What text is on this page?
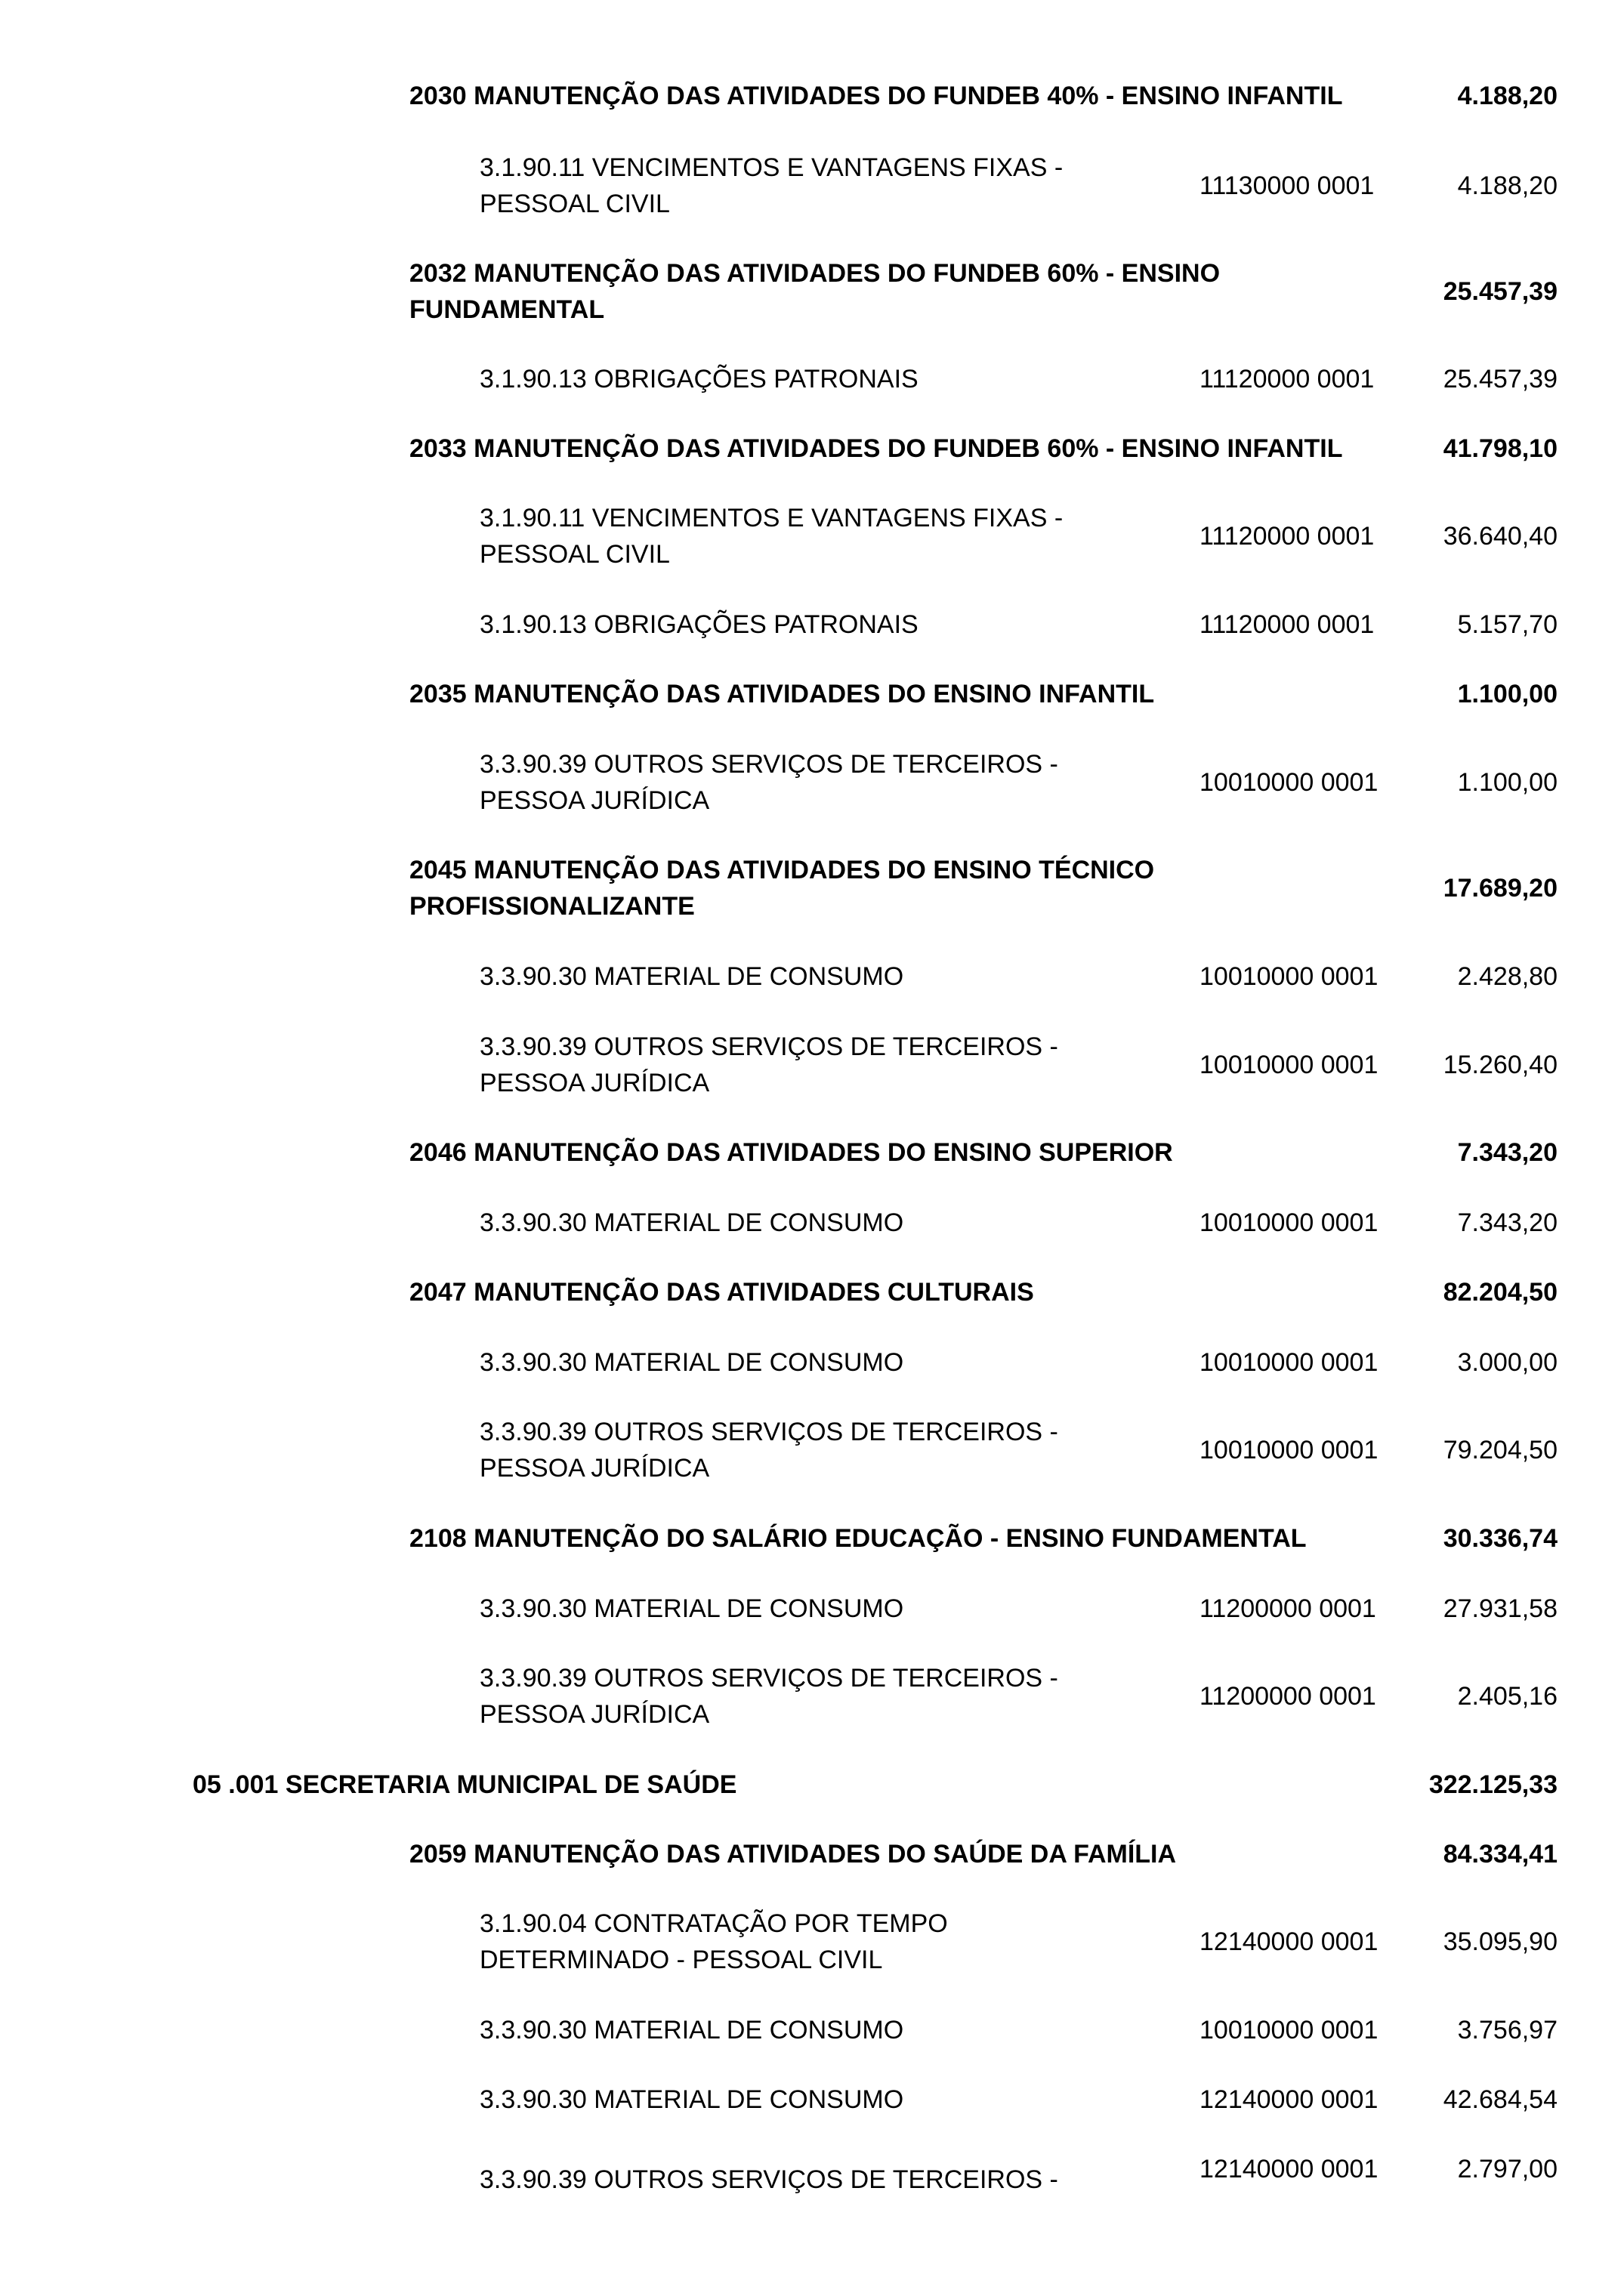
2030 MANUTENÇÃO DAS ATIVIDADES DO FUNDEB 40% - ENSINO INFANTIL	4.188,20
3.1.90.11 VENCIMENTOS E VANTAGENS FIXAS -
PESSOAL CIVIL
11130000 0001	4.188,20
2032 MANUTENÇÃO DAS ATIVIDADES DO FUNDEB 60% - ENSINO
FUNDAMENTAL
25.457,39
3.1.90.13 OBRIGAÇÕES PATRONAIS	11120000 0001	25.457,39
2033 MANUTENÇÃO DAS ATIVIDADES DO FUNDEB 60% - ENSINO INFANTIL	41.798,10
3.1.90.11 VENCIMENTOS E VANTAGENS FIXAS -
PESSOAL CIVIL
11120000 0001	36.640,40
3.1.90.13 OBRIGAÇÕES PATRONAIS	11120000 0001	5.157,70
2035 MANUTENÇÃO DAS ATIVIDADES DO ENSINO INFANTIL	1.100,00
3.3.90.39 OUTROS SERVIÇOS DE TERCEIROS -
PESSOA JURÍDICA
10010000 0001	1.100,00
2045 MANUTENÇÃO DAS ATIVIDADES DO ENSINO TÉCNICO
PROFISSIONALIZANTE
17.689,20
3.3.90.30 MATERIAL DE CONSUMO	10010000 0001	2.428,80
3.3.90.39 OUTROS SERVIÇOS DE TERCEIROS -
PESSOA JURÍDICA
10010000 0001	15.260,40
2046 MANUTENÇÃO DAS ATIVIDADES DO ENSINO SUPERIOR	7.343,20
3.3.90.30 MATERIAL DE CONSUMO	10010000 0001	7.343,20
2047 MANUTENÇÃO DAS ATIVIDADES CULTURAIS	82.204,50
3.3.90.30 MATERIAL DE CONSUMO	10010000 0001	3.000,00
3.3.90.39 OUTROS SERVIÇOS DE TERCEIROS -
PESSOA JURÍDICA
10010000 0001	79.204,50
2108 MANUTENÇÃO DO SALÁRIO EDUCAÇÃO - ENSINO FUNDAMENTAL	30.336,74
3.3.90.30 MATERIAL DE CONSUMO	11200000 0001	27.931,58
3.3.90.39 OUTROS SERVIÇOS DE TERCEIROS -
PESSOA JURÍDICA
11200000 0001	2.405,16
05 .001 SECRETARIA MUNICIPAL DE SAÚDE	322.125,33
2059 MANUTENÇÃO DAS ATIVIDADES DO SAÚDE DA FAMÍLIA	84.334,41
3.1.90.04 CONTRATAÇÃO POR TEMPO
DETERMINADO - PESSOAL CIVIL
12140000 0001	35.095,90
3.3.90.30 MATERIAL DE CONSUMO	10010000 0001	3.756,97
3.3.90.30 MATERIAL DE CONSUMO	12140000 0001	42.684,54
3.3.90.39 OUTROS SERVIÇOS DE TERCEIROS -	12140000 0001	2.797,00
